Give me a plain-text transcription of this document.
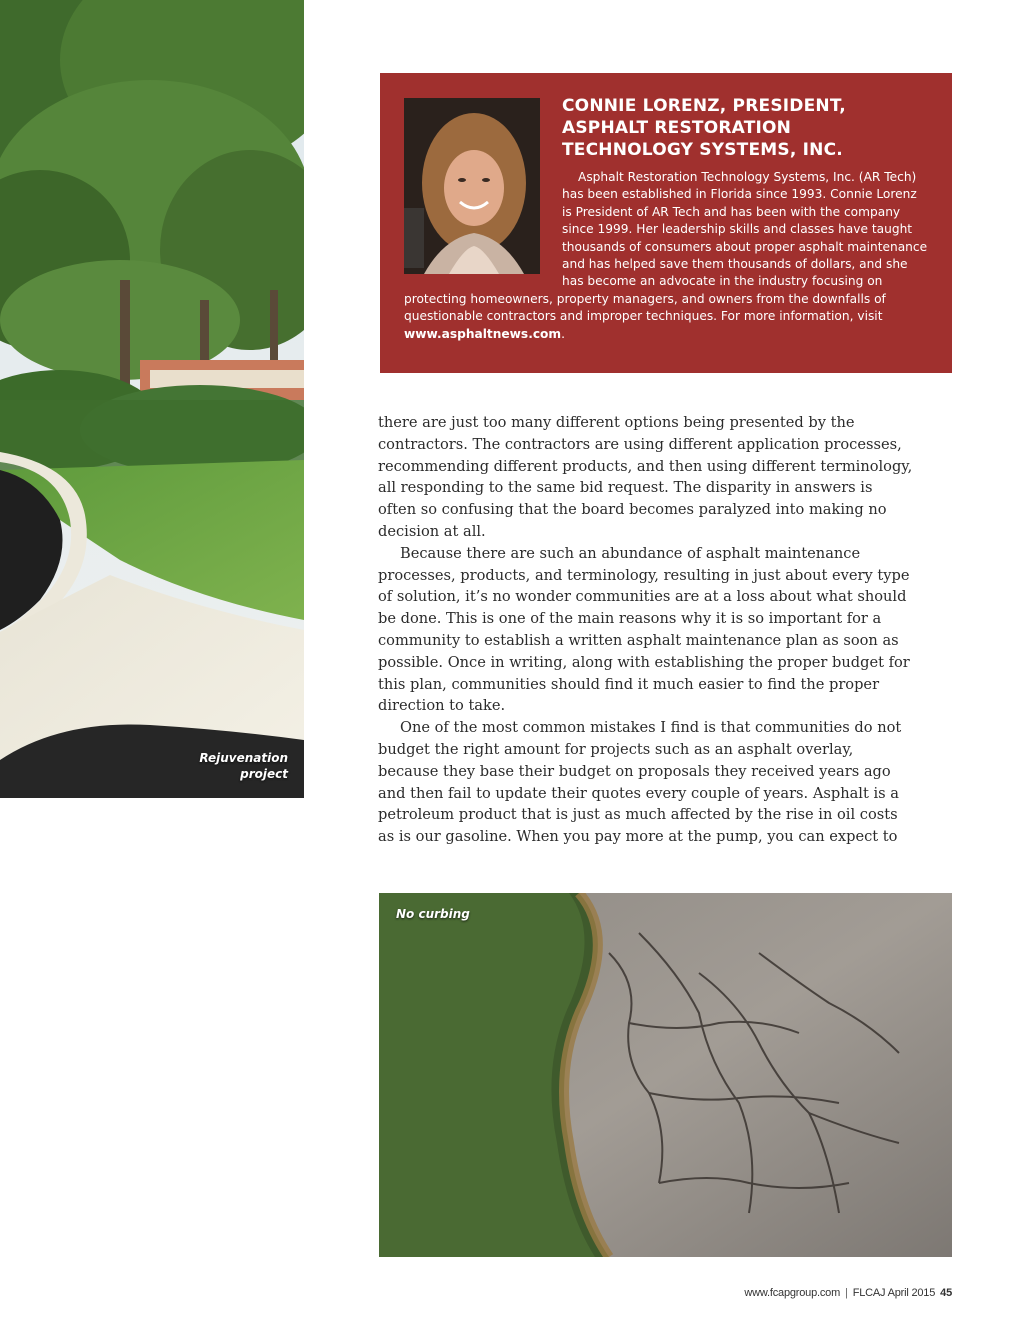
Rejuvenation
project
CONNIE LORENZ, PRESIDENT,
ASPHALT RESTORATION
TECHNOLOGY SYSTEMS, INC.

Asphalt Restoration Technology Systems, Inc. (AR Tech) has been established in Florida since 1993. Connie Lorenz is President of AR Tech and has been with the company since 1999. Her leadership skills and classes have taught thousands of consumers about proper asphalt maintenance and has helped save them thousands of dollars, and she has become an advocate in the industry focusing on protecting homeowners, property managers, and owners from the downfalls of questionable contractors and improper techniques. For more information, visit www.asphaltnews.com.

there are just too many different options being presented by the contractors. The contractors are using different application processes, recommending different products, and then using different terminology, all responding to the same bid request. The disparity in answers is often so confusing that the board becomes paralyzed into making no decision at all.

Because there are such an abundance of asphalt maintenance processes, products, and terminology, resulting in just about every type of solution, it’s no wonder communities are at a loss about what should be done. This is one of the main reasons why it is so important for a community to establish a written asphalt maintenance plan as soon as possible. Once in writing, along with establishing the proper budget for this plan, communities should find it much easier to find the proper direction to take.

One of the most common mistakes I find is that communities do not budget the right amount for projects such as an asphalt overlay, because they base their budget on proposals they received years ago and then fail to update their quotes every couple of years. Asphalt is a petroleum product that is just as much affected by the rise in oil costs as is our gasoline. When you pay more at the pump, you can expect to

No curbing
www.fcapgroup.com | FLCAJ April 2015 45
